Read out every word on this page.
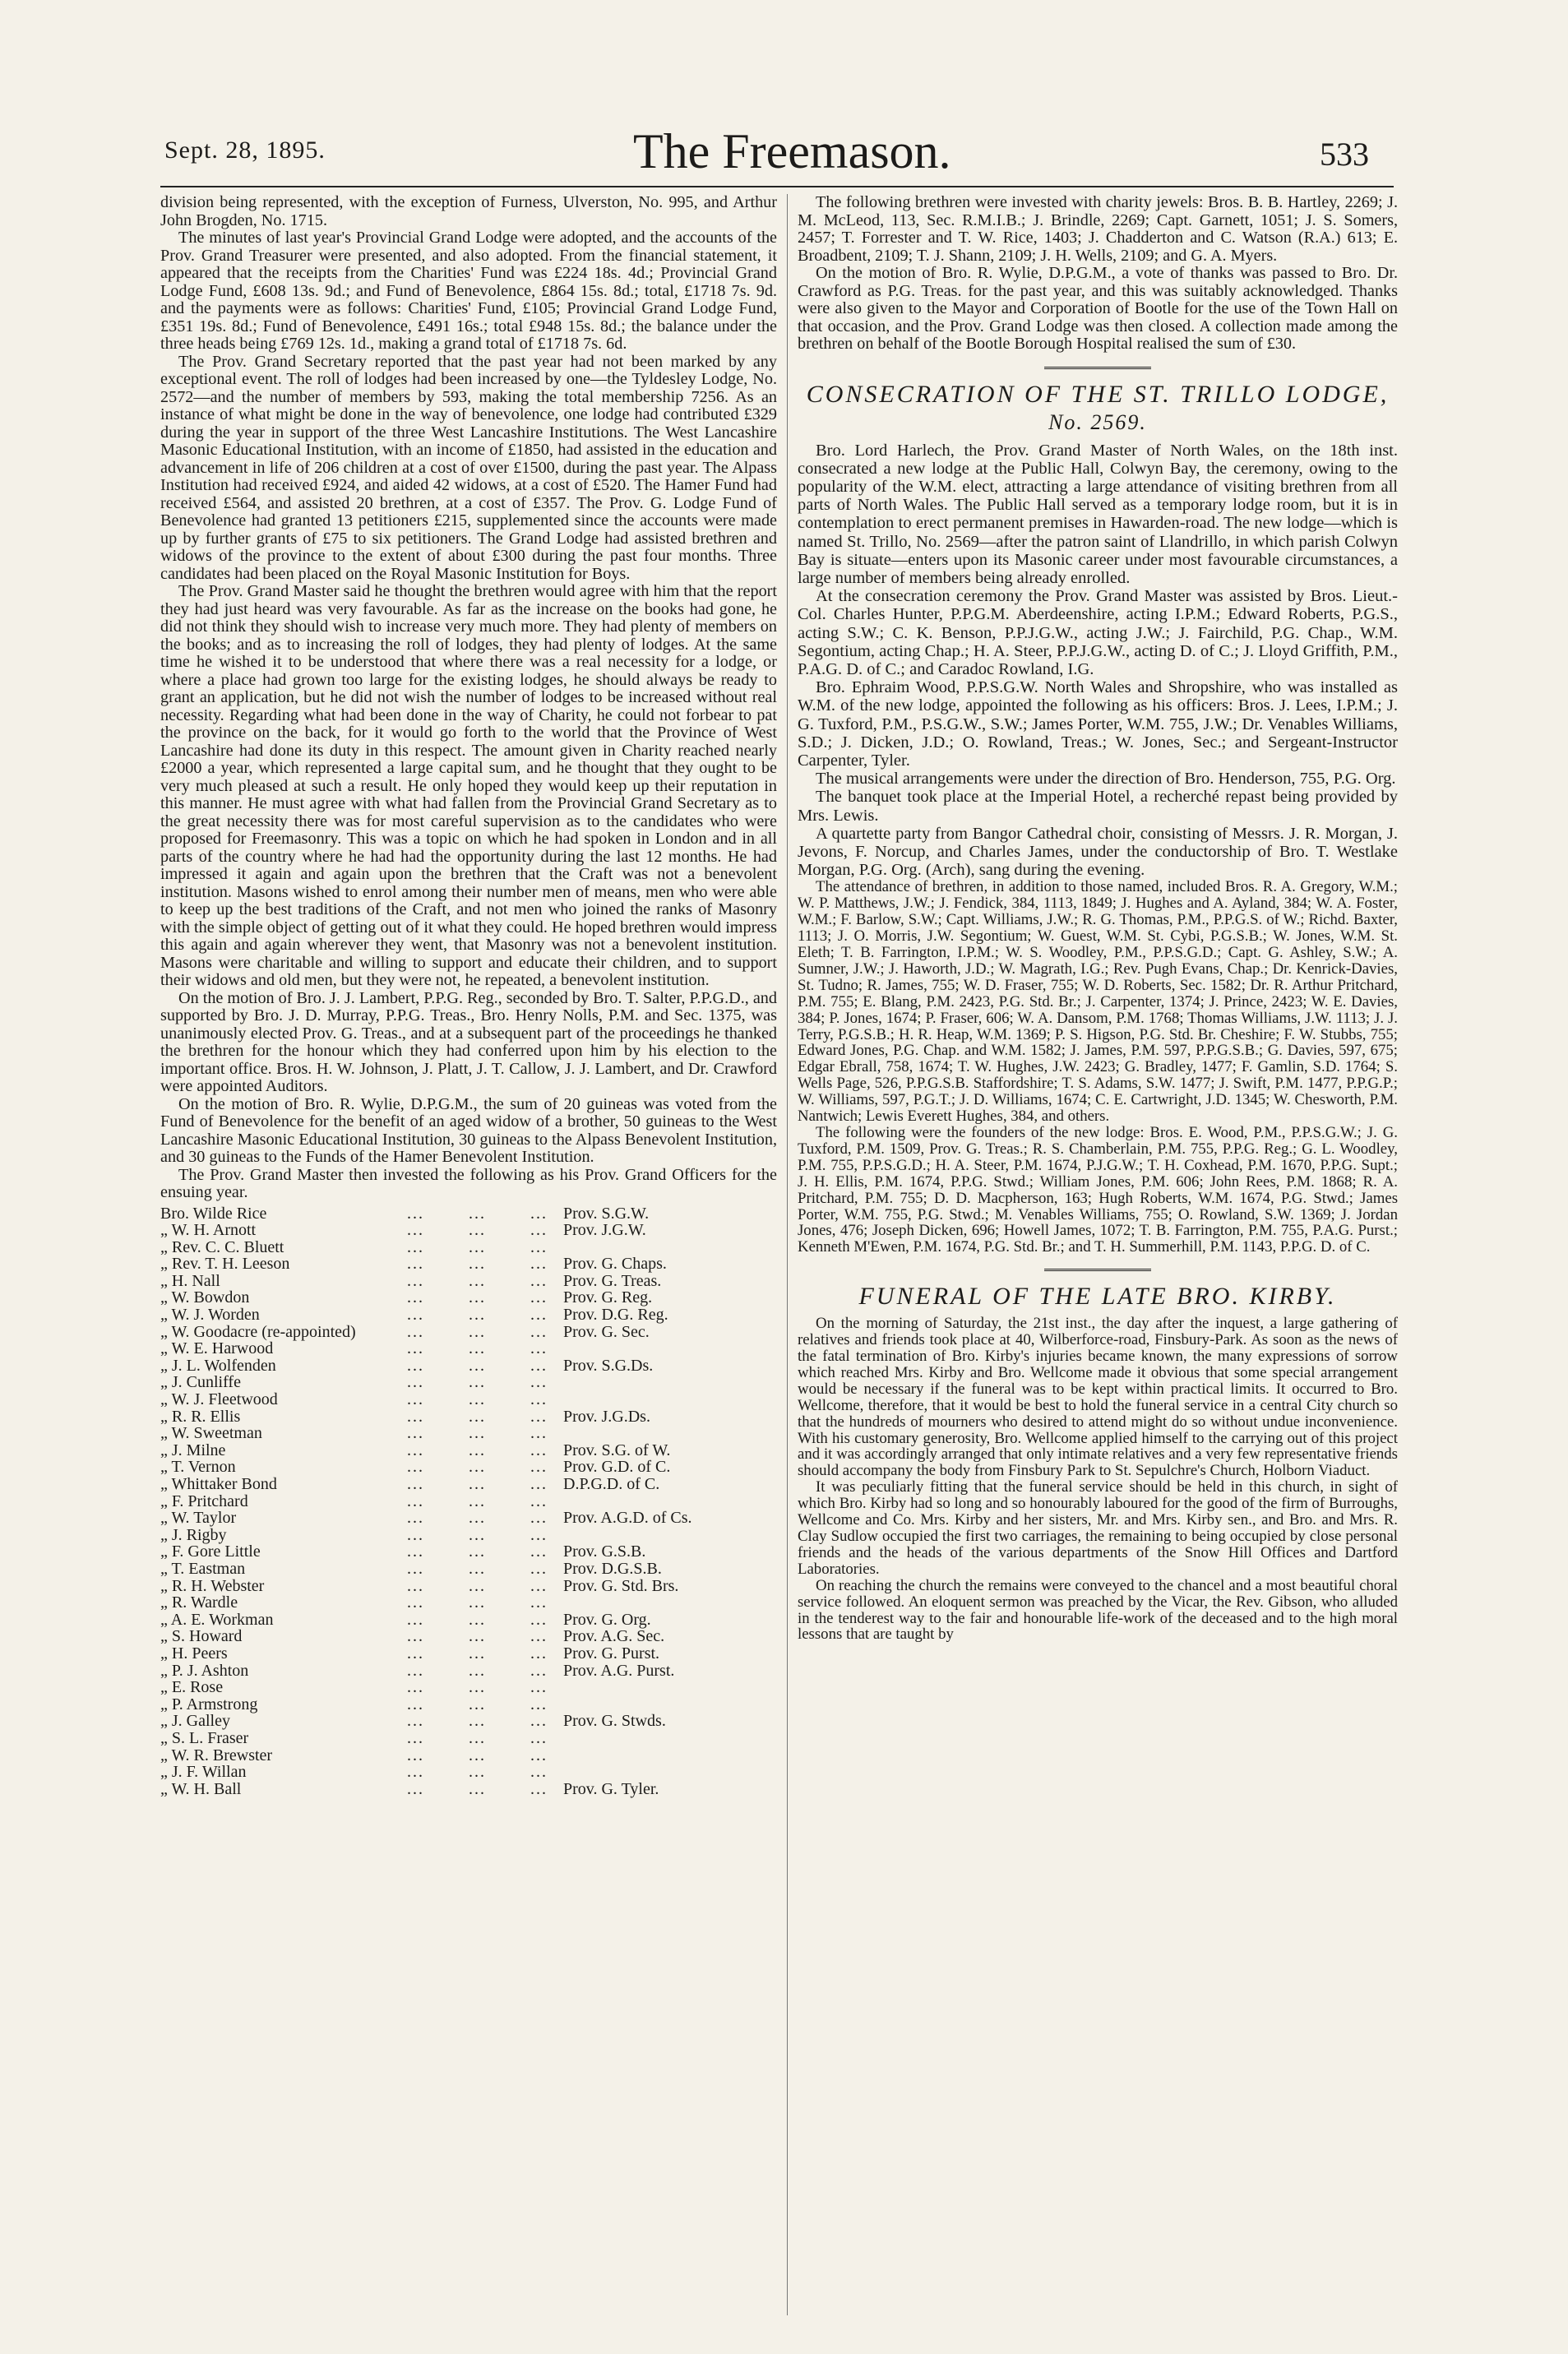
Sept. 28, 1895.	The Freemason.	533

division being represented, with the exception of Furness, Ulverston, No. 995, and Arthur John Brogden, No. 1715.

The minutes of last year's Provincial Grand Lodge were adopted, and the accounts of the Prov. Grand Treasurer were presented, and also adopted. From the financial statement, it appeared that the receipts from the Charities' Fund was £224 18s. 4d.; Provincial Grand Lodge Fund, £608 13s. 9d.; and Fund of Benevolence, £864 15s. 8d.; total, £1718 7s. 9d. and the payments were as follows: Charities' Fund, £105; Provincial Grand Lodge Fund, £351 19s. 8d.; Fund of Benevolence, £491 16s.; total £948 15s. 8d.; the balance under the three heads being £769 12s. 1d., making a grand total of £1718 7s. 6d.

The Prov. Grand Secretary reported that the past year had not been marked by any exceptional event. The roll of lodges had been increased by one—the Tyldesley Lodge, No. 2572—and the number of members by 593, making the total membership 7256. As an instance of what might be done in the way of benevolence, one lodge had contributed £329 during the year in support of the three West Lancashire Institutions. The West Lancashire Masonic Educational Institution, with an income of £1850, had assisted in the education and advancement in life of 206 children at a cost of over £1500, during the past year. The Alpass Institution had received £924, and aided 42 widows, at a cost of £520. The Hamer Fund had received £564, and assisted 20 brethren, at a cost of £357. The Prov. G. Lodge Fund of Benevolence had granted 13 petitioners £215, supplemented since the accounts were made up by further grants of £75 to six petitioners. The Grand Lodge had assisted brethren and widows of the province to the extent of about £300 during the past four months. Three candidates had been placed on the Royal Masonic Institution for Boys.

The Prov. Grand Master said he thought the brethren would agree with him that the report they had just heard was very favourable. As far as the increase on the books had gone, he did not think they should wish to increase very much more. They had plenty of members on the books; and as to increasing the roll of lodges, they had plenty of lodges. At the same time he wished it to be understood that where there was a real necessity for a lodge, or where a place had grown too large for the existing lodges, he should always be ready to grant an application, but he did not wish the number of lodges to be increased without real necessity. Regarding what had been done in the way of Charity, he could not forbear to pat the province on the back, for it would go forth to the world that the Province of West Lancashire had done its duty in this respect. The amount given in Charity reached nearly £2000 a year, which represented a large capital sum, and he thought that they ought to be very much pleased at such a result. He only hoped they would keep up their reputation in this manner. He must agree with what had fallen from the Provincial Grand Secretary as to the great necessity there was for most careful supervision as to the candidates who were proposed for Freemasonry. This was a topic on which he had spoken in London and in all parts of the country where he had had the opportunity during the last 12 months. He had impressed it again and again upon the brethren that the Craft was not a benevolent institution. Masons wished to enrol among their number men of means, men who were able to keep up the best traditions of the Craft, and not men who joined the ranks of Masonry with the simple object of getting out of it what they could. He hoped brethren would impress this again and again wherever they went, that Masonry was not a benevolent institution. Masons were charitable and willing to support and educate their children, and to support their widows and old men, but they were not, he repeated, a benevolent institution.

On the motion of Bro. J. J. Lambert, P.P.G. Reg., seconded by Bro. T. Salter, P.P.G.D., and supported by Bro. J. D. Murray, P.P.G. Treas., Bro. Henry Nolls, P.M. and Sec. 1375, was unanimously elected Prov. G. Treas., and at a subsequent part of the proceedings he thanked the brethren for the honour which they had conferred upon him by his election to the important office. Bros. H. W. Johnson, J. Platt, J. T. Callow, J. J. Lambert, and Dr. Crawford were appointed Auditors.

On the motion of Bro. R. Wylie, D.P.G.M., the sum of 20 guineas was voted from the Fund of Benevolence for the benefit of an aged widow of a brother, 50 guineas to the West Lancashire Masonic Educational Institution, 30 guineas to the Alpass Benevolent Institution, and 30 guineas to the Funds of the Hamer Benevolent Institution.

The Prov. Grand Master then invested the following as his Prov. Grand Officers for the ensuing year.

Bro. Wilde Rice	...	...	...	Prov. S.G.W.
„ W. H. Arnott	...	...	...	Prov. J.G.W.
„ Rev. C. C. Bluett	...	...	...	
„ Rev. T. H. Leeson	...	...	...	Prov. G. Chaps.
„ H. Nall	...	...	...	Prov. G. Treas.
„ W. Bowdon	...	...	...	Prov. G. Reg.
„ W. J. Worden	...	...	...	Prov. D.G. Reg.
„ W. Goodacre (re-appointed)	...	...	...	Prov. G. Sec.
„ W. E. Harwood	...	...	...	
„ J. L. Wolfenden	...	...	...	Prov. S.G.Ds.
„ J. Cunliffe	...	...	...	
„ W. J. Fleetwood	...	...	...	
„ R. R. Ellis	...	...	...	Prov. J.G.Ds.
„ W. Sweetman	...	...	...	
„ J. Milne	...	...	...	Prov. S.G. of W.
„ T. Vernon	...	...	...	Prov. G.D. of C.
„ Whittaker Bond	...	...	...	D.P.G.D. of C.
„ F. Pritchard	...	...	...	
„ W. Taylor	...	...	...	Prov. A.G.D. of Cs.
„ J. Rigby	...	...	...	
„ F. Gore Little	...	...	...	Prov. G.S.B.
„ T. Eastman	...	...	...	Prov. D.G.S.B.
„ R. H. Webster	...	...	...	Prov. G. Std. Brs.
„ R. Wardle	...	...	...	
„ A. E. Workman	...	...	...	Prov. G. Org.
„ S. Howard	...	...	...	Prov. A.G. Sec.
„ H. Peers	...	...	...	Prov. G. Purst.
„ P. J. Ashton	...	...	...	Prov. A.G. Purst.
„ E. Rose	...	...	...	
„ P. Armstrong	...	...	...	
„ J. Galley	...	...	...	Prov. G. Stwds.
„ S. L. Fraser	...	...	...	
„ W. R. Brewster	...	...	...	
„ J. F. Willan	...	...	...	
„ W. H. Ball	...	...	...	Prov. G. Tyler.

The following brethren were invested with charity jewels: Bros. B. B. Hartley, 2269; J. M. McLeod, 113, Sec. R.M.I.B.; J. Brindle, 2269; Capt. Garnett, 1051; J. S. Somers, 2457; T. Forrester and T. W. Rice, 1403; J. Chadderton and C. Watson (R.A.) 613; E. Broadbent, 2109; T. J. Shann, 2109; J. H. Wells, 2109; and G. A. Myers.

On the motion of Bro. R. Wylie, D.P.G.M., a vote of thanks was passed to Bro. Dr. Crawford as P.G. Treas. for the past year, and this was suitably acknowledged. Thanks were also given to the Mayor and Corporation of Bootle for the use of the Town Hall on that occasion, and the Prov. Grand Lodge was then closed. A collection made among the brethren on behalf of the Bootle Borough Hospital realised the sum of £30.

CONSECRATION OF THE ST. TRILLO LODGE,
No. 2569.

Bro. Lord Harlech, the Prov. Grand Master of North Wales, on the 18th inst. consecrated a new lodge at the Public Hall, Colwyn Bay, the ceremony, owing to the popularity of the W.M. elect, attracting a large attendance of visiting brethren from all parts of North Wales. The Public Hall served as a temporary lodge room, but it is in contemplation to erect permanent premises in Hawarden-road. The new lodge—which is named St. Trillo, No. 2569—after the patron saint of Llandrillo, in which parish Colwyn Bay is situate—enters upon its Masonic career under most favourable circumstances, a large number of members being already enrolled.

At the consecration ceremony the Prov. Grand Master was assisted by Bros. Lieut.-Col. Charles Hunter, P.P.G.M. Aberdeenshire, acting I.P.M.; Edward Roberts, P.G.S., acting S.W.; C. K. Benson, P.P.J.G.W., acting J.W.; J. Fairchild, P.G. Chap., W.M. Segontium, acting Chap.; H. A. Steer, P.P.J.G.W., acting D. of C.; J. Lloyd Griffith, P.M., P.A.G. D. of C.; and Caradoc Rowland, I.G.

Bro. Ephraim Wood, P.P.S.G.W. North Wales and Shropshire, who was installed as W.M. of the new lodge, appointed the following as his officers: Bros. J. Lees, I.P.M.; J. G. Tuxford, P.M., P.S.G.W., S.W.; James Porter, W.M. 755, J.W.; Dr. Venables Williams, S.D.; J. Dicken, J.D.; O. Rowland, Treas.; W. Jones, Sec.; and Sergeant-Instructor Carpenter, Tyler.

The musical arrangements were under the direction of Bro. Henderson, 755, P.G. Org.

The banquet took place at the Imperial Hotel, a recherché repast being provided by Mrs. Lewis.

A quartette party from Bangor Cathedral choir, consisting of Messrs. J. R. Morgan, J. Jevons, F. Norcup, and Charles James, under the conductorship of Bro. T. Westlake Morgan, P.G. Org. (Arch), sang during the evening.

The attendance of brethren, in addition to those named, included Bros. R. A. Gregory, W.M.; W. P. Matthews, J.W.; J. Fendick, 384, 1113, 1849; J. Hughes and A. Ayland, 384; W. A. Foster, W.M.; F. Barlow, S.W.; Capt. Williams, J.W.; R. G. Thomas, P.M., P.P.G.S. of W.; Richd. Baxter, 1113; J. O. Morris, J.W. Segontium; W. Guest, W.M. St. Cybi, P.G.S.B.; W. Jones, W.M. St. Eleth; T. B. Farrington, I.P.M.; W. S. Woodley, P.M., P.P.S.G.D.; Capt. G. Ashley, S.W.; A. Sumner, J.W.; J. Haworth, J.D.; W. Magrath, I.G.; Rev. Pugh Evans, Chap.; Dr. Kenrick-Davies, St. Tudno; R. James, 755; W. D. Fraser, 755; W. D. Roberts, Sec. 1582; Dr. R. Arthur Pritchard, P.M. 755; E. Blang, P.M. 2423, P.G. Std. Br.; J. Carpenter, 1374; J. Prince, 2423; W. E. Davies, 384; P. Jones, 1674; P. Fraser, 606; W. A. Dansom, P.M. 1768; Thomas Williams, J.W. 1113; J. J. Terry, P.G.S.B.; H. R. Heap, W.M. 1369; P. S. Higson, P.G. Std. Br. Cheshire; F. W. Stubbs, 755; Edward Jones, P.G. Chap. and W.M. 1582; J. James, P.M. 597, P.P.G.S.B.; G. Davies, 597, 675; Edgar Ebrall, 758, 1674; T. W. Hughes, J.W. 2423; G. Bradley, 1477; F. Gamlin, S.D. 1764; S. Wells Page, 526, P.P.G.S.B. Staffordshire; T. S. Adams, S.W. 1477; J. Swift, P.M. 1477, P.P.G.P.; W. Williams, 597, P.G.T.; J. D. Williams, 1674; C. E. Cartwright, J.D. 1345; W. Chesworth, P.M. Nantwich; Lewis Everett Hughes, 384, and others.

The following were the founders of the new lodge: Bros. E. Wood, P.M., P.P.S.G.W.; J. G. Tuxford, P.M. 1509, Prov. G. Treas.; R. S. Chamberlain, P.M. 755, P.P.G. Reg.; G. L. Woodley, P.M. 755, P.P.S.G.D.; H. A. Steer, P.M. 1674, P.J.G.W.; T. H. Coxhead, P.M. 1670, P.P.G. Supt.; J. H. Ellis, P.M. 1674, P.P.G. Stwd.; William Jones, P.M. 606; John Rees, P.M. 1868; R. A. Pritchard, P.M. 755; D. D. Macpherson, 163; Hugh Roberts, W.M. 1674, P.G. Stwd.; James Porter, W.M. 755, P.G. Stwd.; M. Venables Williams, 755; O. Rowland, S.W. 1369; J. Jordan Jones, 476; Joseph Dicken, 696; Howell James, 1072; T. B. Farrington, P.M. 755, P.A.G. Purst.; Kenneth M'Ewen, P.M. 1674, P.G. Std. Br.; and T. H. Summerhill, P.M. 1143, P.P.G. D. of C.

FUNERAL OF THE LATE BRO. KIRBY.

On the morning of Saturday, the 21st inst., the day after the inquest, a large gathering of relatives and friends took place at 40, Wilberforce-road, Finsbury-Park. As soon as the news of the fatal termination of Bro. Kirby's injuries became known, the many expressions of sorrow which reached Mrs. Kirby and Bro. Wellcome made it obvious that some special arrangement would be necessary if the funeral was to be kept within practical limits. It occurred to Bro. Wellcome, therefore, that it would be best to hold the funeral service in a central City church so that the hundreds of mourners who desired to attend might do so without undue inconvenience. With his customary generosity, Bro. Wellcome applied himself to the carrying out of this project and it was accordingly arranged that only intimate relatives and a very few representative friends should accompany the body from Finsbury Park to St. Sepulchre's Church, Holborn Viaduct.

It was peculiarly fitting that the funeral service should be held in this church, in sight of which Bro. Kirby had so long and so honourably laboured for the good of the firm of Burroughs, Wellcome and Co. Mrs. Kirby and her sisters, Mr. and Mrs. Kirby sen., and Bro. and Mrs. R. Clay Sudlow occupied the first two carriages, the remaining to being occupied by close personal friends and the heads of the various departments of the Snow Hill Offices and Dartford Laboratories.

On reaching the church the remains were conveyed to the chancel and a most beautiful choral service followed. An eloquent sermon was preached by the Vicar, the Rev. Gibson, who alluded in the tenderest way to the fair and honourable life-work of the deceased and to the high moral lessons that are taught by
